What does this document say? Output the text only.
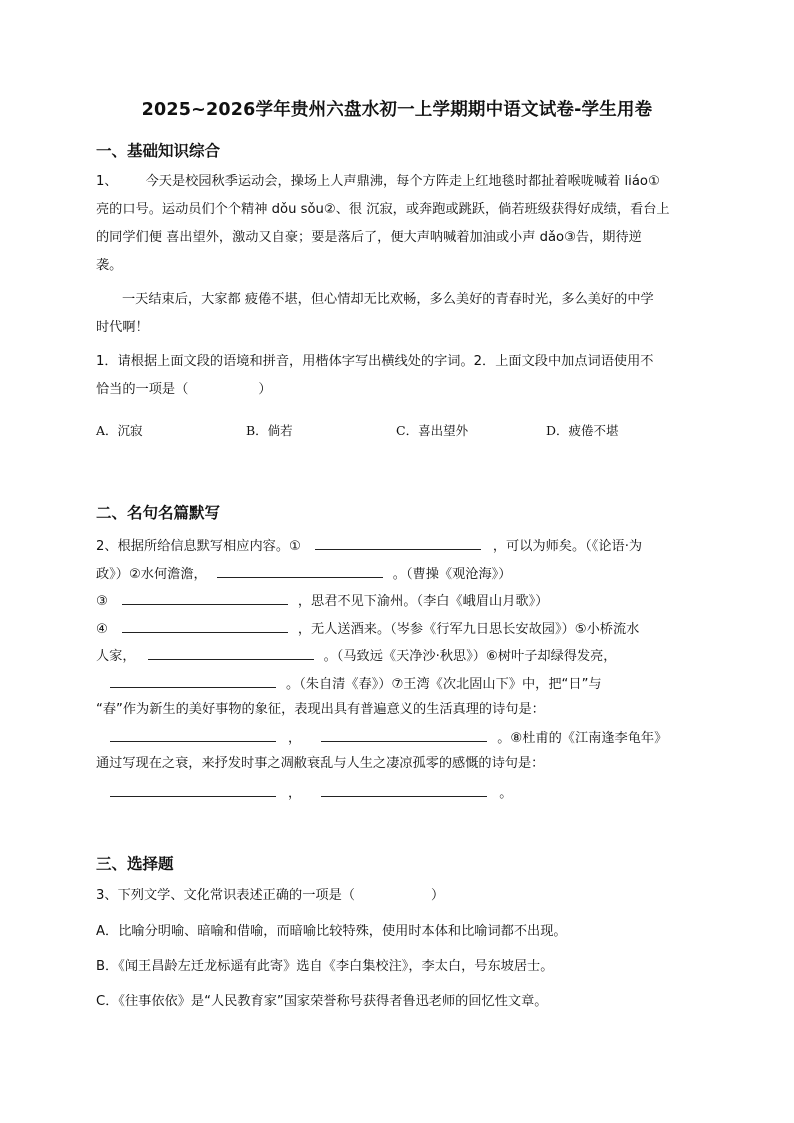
2025~2026学年贵州六盘水初一上学期期中语文试卷-学生用卷
一、基础知识综合
1、 今天是校园秋季运动会，操场上人声鼎沸，每个方阵走上红地毯时都扯着喉咙喊着 liáo①
亮的口号。运动员们个个精神 dǒu sǒu②、很 沉寂，或奔跑或跳跃，倘若班级获得好成绩，看台上
的同学们便 喜出望外，激动又自豪；要是落后了，便大声呐喊着加油或小声 dǎo③告，期待逆
袭。
一天结束后，大家都 疲倦不堪，但心情却无比欢畅，多么美好的青春时光，多么美好的中学
时代啊！
1．请根据上面文段的语境和拼音，用楷体字写出横线处的字词。2．上面文段中加点词语使用不
恰当的一项是（	）
A．沉寂	B．倘若	C．喜出望外	D．疲倦不堪
二、名句名篇默写
2、根据所给信息默写相应内容。①	，可以为师矣。（《论语·为
政》）②水何澹澹，	。（曹操《观沧海》）
③	，思君不见下渝州。（李白《峨眉山月歌》）
④	，无人送酒来。（岑参《行军九日思长安故园》）⑤小桥流水
人家，	。（马致远《天净沙·秋思》）⑥树叶子却绿得发亮，
。（朱自清《春》）⑦王湾《次北固山下》中，把“日”与
“春”作为新生的美好事物的象征，表现出具有普遍意义的生活真理的诗句是：
，	。⑧杜甫的《江南逢李龟年》
通过写现在之衰，来抒发时事之凋敝衰乱与人生之凄凉孤零的感慨的诗句是：
，	。
三、选择题
3、下列文学、文化常识表述正确的一项是（	）
A．比喻分明喻、暗喻和借喻，而暗喻比较特殊，使用时本体和比喻词都不出现。
B．《闻王昌龄左迁龙标遥有此寄》选自《李白集校注》，李太白，号东坡居士。
C．《往事依依》是“人民教育家”国家荣誉称号获得者鲁迅老师的回忆性文章。
